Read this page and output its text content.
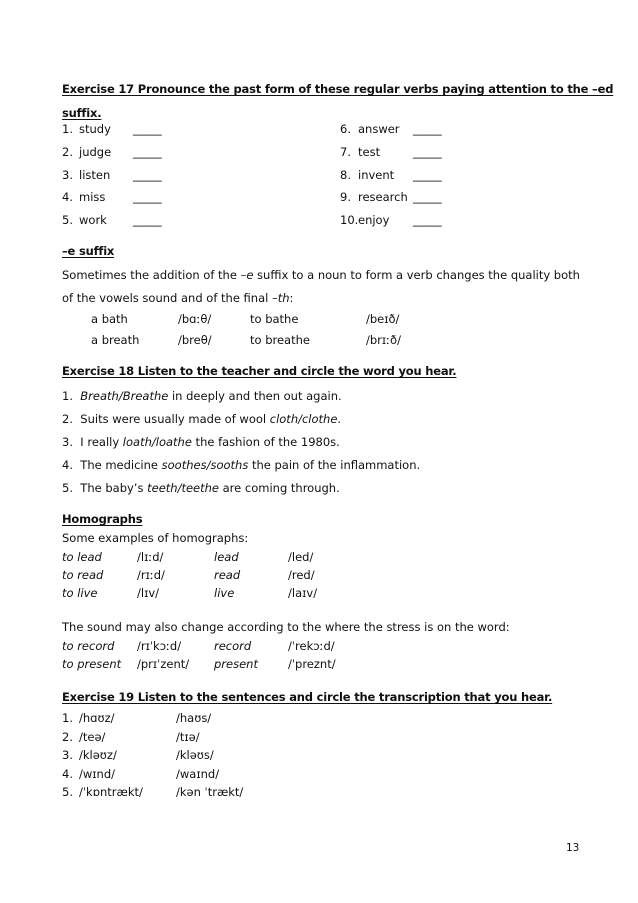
Exercise 17 Pronounce the past form of these regular verbs paying attention to the –ed
suffix.
1. study _____
2. judge _____
3. listen _____
4. miss _____
5. work _____
6. answer _____
7. test	_____
8. invent _____
9. research _____
10. enjoy _____
–e suffix
Sometimes the addition of the –e suffix to a noun to form a verb changes the quality both
of the vowels sound and of the final –th:
a bath	/bɑːθ/	to bathe	/beɪð/
a breath	/breθ/	to breathe	/brɪːð/
Exercise 18 Listen to the teacher and circle the word you hear.
1. Breath/Breathe in deeply and then out again.
2. Suits were usually made of wool cloth/clothe.
3. I really loath/loathe the fashion of the 1980s.
4. The medicine soothes/sooths the pain of the inflammation.
5. The baby’s teeth/teethe are coming through.
Homographs
Some examples of homographs:
to lead	/lɪːd/	lead	/led/
to read	/rɪːd/	read	/red/
to live	/lɪv/	live	/laɪv/
The sound may also change according to the where the stress is on the word:
to record /rɪˈkɔːd/	record	/ˈrekɔːd/
to present /prɪˈzent/ present	/ˈpreznt/
Exercise 19 Listen to the sentences and circle the transcription that you hear.
1. /hɑʊz/	/haʊs/
2. /teə/	/tɪə/
3. /kləʊz/	/kləʊs/
4. /wɪnd/	/waɪnd/
5. /ˈkɒntrækt/	/kən ˈtrækt/
13
